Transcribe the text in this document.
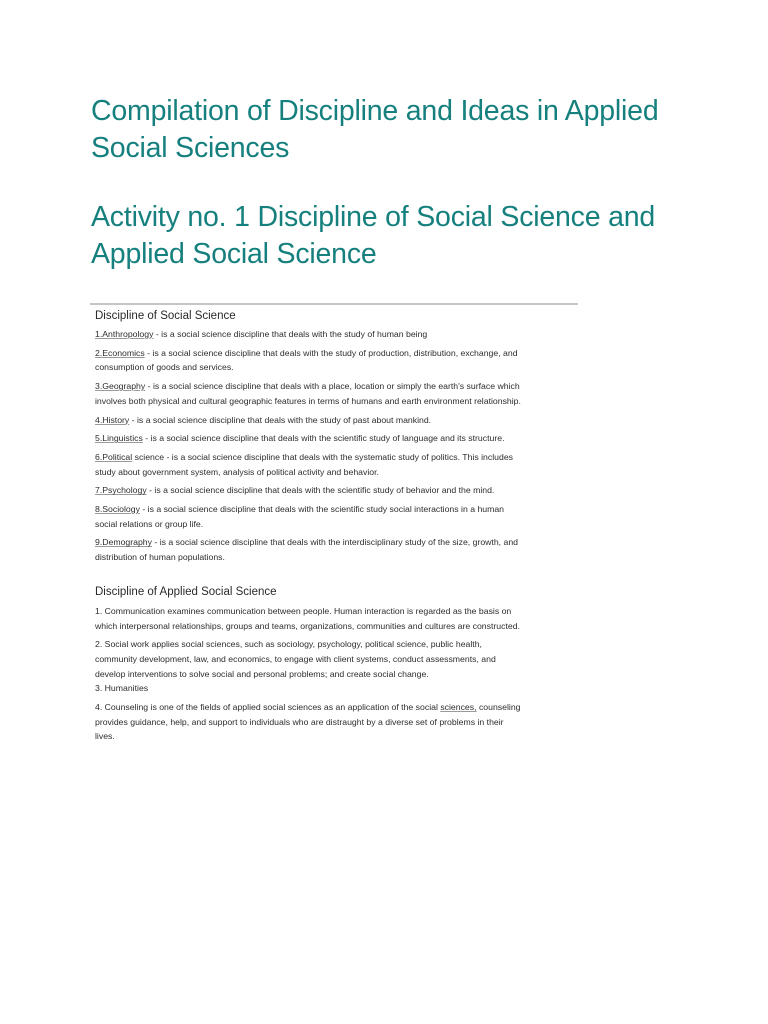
Compilation of Discipline and Ideas in Applied Social Sciences
Activity no. 1 Discipline of Social Science and Applied Social Science
Discipline of Social Science

1.Anthropology - is a social science discipline that deals with the study of human being

2.Economics - is a social science discipline that deals with the study of production, distribution, exchange, and consumption of goods and services.

3.Geography - is a social science discipline that deals with a place, location or simply the earth's surface which involves both physical and cultural geographic features in terms of humans and earth environment relationship.

4.History - is a social science discipline that deals with the study of past about mankind.

5.Linguistics - is a social science discipline that deals with the scientific study of language and its structure.

6.Political science - is a social science discipline that deals with the systematic study of politics. This includes study about government system, analysis of political activity and behavior.

7.Psychology - is a social science discipline that deals with the scientific study of behavior and the mind.

8.Sociology - is a social science discipline that deals with the scientific study social interactions in a human social relations or group life.

9.Demography - is a social science discipline that deals with the interdisciplinary study of the size, growth, and distribution of human populations.

Discipline of Applied Social Science

1. Communication examines communication between people. Human interaction is regarded as the basis on which interpersonal relationships, groups and teams, organizations, communities and cultures are constructed.

2. Social work applies social sciences, such as sociology, psychology, political science, public health, community development, law, and economics, to engage with client systems, conduct assessments, and develop interventions to solve social and personal problems; and create social change.

3. Humanities

4. Counseling is one of the fields of applied social sciences as an application of the social sciences, counseling provides guidance, help, and support to individuals who are distraught by a diverse set of problems in their lives.
